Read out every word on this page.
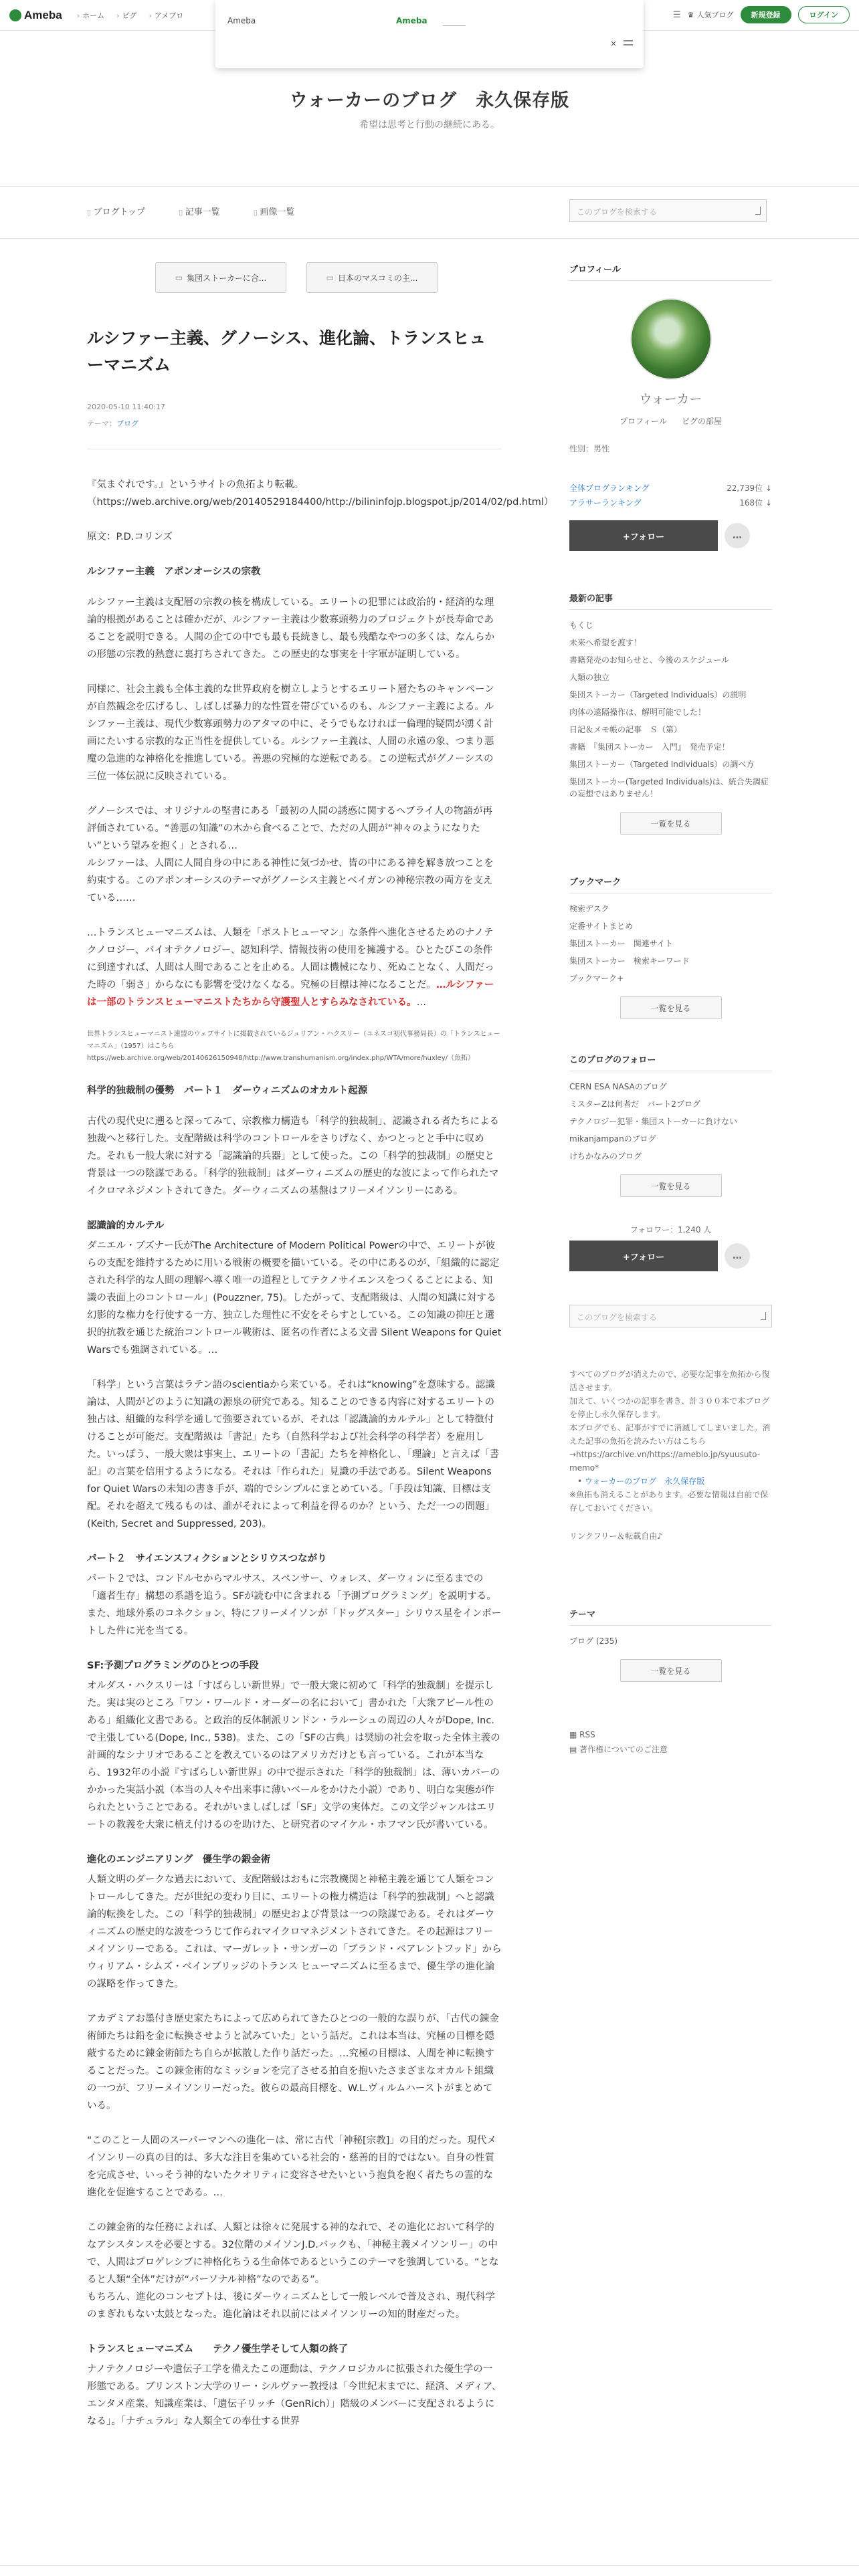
Ameba	› ホーム	› ピグ	› アメブロ	☰ ♛ 人気ブログ	新規登録	ログイン
Ameba	Ameba
×
ウォーカーのブログ　永久保存版
希望は思考と行動の継続にある。
▯ ブログトップ	▯ 記事一覧	▯ 画像一覧	このブログを検索する
▭ 集団ストーカーに合...	▭ 日本のマスコミの主...
ルシファー主義、グノーシス、進化論、トランスヒューマニズム
2020-05-10 11:40:17
テーマ：ブログ

『気まぐれです。』というサイトの魚拓より転載。（https://web.archive.org/web/20140529184400/http://bilininfojp.blogspot.jp/2014/02/pd.html）

原文：P.D.コリンズ

ルシファー主義　アポンオーシスの宗教

ルシファー主義は支配層の宗教の核を構成している。エリートの犯罪には政治的・経済的な理論的根拠があることは確かだが、ルシファー主義は少数寡頭勢力のプロジェクトが長寿命であることを説明できる。人間の企ての中でも最も長続きし、最も残酷なやつの多くは、なんらかの形態の宗教的熱意に裏打ちされてきた。この歴史的な事実を十字軍が証明している。

同様に、社会主義も全体主義的な世界政府を樹立しようとするエリート層たちのキャンペーンが自然観念を広げるし、しばしば暴力的な性質を帯びているのも、ルシファー主義による。ルシファー主義は、現代少数寡頭勢力のアタマの中に、そうでもなければ一倫理的疑問が湧く計画にたいする宗教的な正当性を提供している。ルシファー主義は、人間の永遠の象、つまり悪魔の急進的な神格化を推進している。善悪の究極的な逆転である。この逆転式がグノーシスの三位一体伝説に反映されている。

グノーシスでは、オリジナルの堅書にある「最初の人間の誘惑に関するヘブライ人の物語が再評価されている。“善悪の知識”の木から食べることで、ただの人間が“神々のようになりたい”という望みを抱く」とされる…
ルシファーは、人間に人間自身の中にある神性に気づかせ、皆の中にある神を解き放つことを約束する。このアポンオーシスのテーマがグノーシス主義とベイガンの神秘宗教の両方を支えている……

…トランスヒューマニズムは、人類を「ポストヒューマン」な条件へ進化させるためのナノテクノロジー、バイオテクノロジー、認知科学、情報技術の使用を擁護する。ひとたびこの条件に到達すれば、人間は人間であることを止める。人間は機械になり、死ぬことなく、人間だった時の「弱さ」からなにも影響を受けなくなる。究極の目標は神になることだ。…ルシファーは一部のトランスヒューマニストたちから守護聖人とすらみなされている。…

世界トランスヒューマニスト連盟のウェブサイトに掲載されているジュリアン・ハクスリー（ユネスコ初代事務局長）の「トランスヒューマニズム」（1957）はこちら
https://web.archive.org/web/20140626150948/http://www.transhumanism.org/index.php/WTA/more/huxley/（魚拓）

科学的独裁制の優勢　パート１　ダーウィニズムのオカルト起源

古代の現代史に遡ると深ってみて、宗教権力構造も「科学的独裁制」、認識される者たちによる独裁へと移行した。支配階級は科学のコントロールをさりげなく、かつとっとと手中に収めた。それも一般大衆に対する「認識論的兵器」として使った。この「科学的独裁制」の歴史と背景は一つの陰謀である。「科学的独裁制」はダーウィニズムの歴史的な波によって作られたマイクロマネジメントされてきた。ダーウィニズムの基盤はフリーメイソンリーにある。

認識論的カルテル

ダニエル・ブズナー氏がThe Architecture of Modern Political Powerの中で、エリートが彼らの支配を維持するために用いる戦術の概要を描いている。その中にあるのが、「組織的に認定された科学的な人間の理解へ導く唯一の道程としてテクノサイエンスをつくることによる、知識の表面上のコントロール」(Pouzzner, 75)。したがって、支配階級は、人間の知識に対する幻影的な権力を行使する一方、独立した理性に不安をそらすとしている。この知識の抑圧と選択的抗教を通じた統治コントロール戦術は、匿名の作者による文書 Silent Weapons for Quiet Warsでも強調されている。…

「科学」という言葉はラテン語のscientiaから来ている。それは“knowing”を意味する。認識論は、人間がどのように知識の源泉の研究である。知ることのできる内容に対するエリートの独占は、組織的な科学を通して強要されているが、それは「認識論的カルテル」として特徴付けることが可能だ。支配階級は「書記」たち（自然科学および社会科学の科学者）を雇用した。いっぽう、一般大衆は事実上、エリートの「書記」たちを神格化し、「理論」と言えば「書記」の言葉を信用するようになる。それは「作られた」見識の手法である。Silent Weapons for Quiet Warsの未知の書き手が、端的でシンプルにまとめている。「手段は知識、目標は支配。それを超えて残るものは、誰がそれによって利益を得るのか？という、ただ一つの問題」(Keith, Secret and Suppressed, 203)。

パート２　サイエンスフィクションとシリウスつながり

パート２では、コンドルセからマルサス、スペンサー、ウォレス、ダーウィンに至るまでの「適者生存」構想の系譜を追う。SFが読む中に含まれる「予測プログラミング」を説明する。また、地球外系のコネクション、特にフリーメイソンが「ドッグスター」シリウス星をインポートした件に光を当てる。

SF:予測プログラミングのひとつの手段

オルダス・ハクスリーは「すばらしい新世界」で一般大衆に初めて「科学的独裁制」を提示した。実は実のところ「ワン・ワールド・オーダーの名において」書かれた「大衆アピール性のある」組織化文書である。と政治的反体制派リンドン・ラルーシュの周辺の人々がDope, Inc.で主張している(Dope, Inc., 538)。また、この「SFの古典」は奨励の社会を取った全体主義の計画的なシナリオであることを教えているのはアメリカだけとも言っている。これが本当なら、1932年の小説『すばらしい新世界』の中で提示された「科学的独裁制」は、薄いカバーのかかった実話小説（本当の人々や出来事に薄いベールをかけた小説）であり、明白な実態が作られたということである。それがいましばしば「SF」文学の実体だ。この文学ジャンルはエリートの教義を大衆に植え付けるのを助けた、と研究者のマイケル・ホフマン氏が書いている。

進化のエンジニアリング　優生学の鍛金術

人類文明のダークな過去において、支配階級はおもに宗教機関と神秘主義を通じて人類をコントロールしてきた。だが世紀の変わり目に、エリートの権力構造は「科学的独裁制」へと認識論的転換をした。この「科学的独裁制」の歴史および背景は一つの陰謀である。それはダーウィニズムの歴史的な波をつうじて作られマイクロマネジメントされてきた。その起源はフリーメイソンリーである。これは、マーガレット・サンガーの「ブランド・ペアレントフッド」からウィリアム・シムズ・ベインブリッジのトランス ヒューマニズムに至るまで、優生学の進化論の謀略を作ってきた。

アカデミアお墨付き歴史家たちによって広められてきたひとつの一般的な誤りが、「古代の錬金術師たちは鉛を金に転換させようと試みていた」という話だ。これは本当は、究極の目標を隠蔽するために錬金術師たち自らが拡散した作り話だった。…究極の目標は、人間を神に転換することだった。この錬金術的なミッションを完了させる拍自を抱いたさまざまなオカルト組織の一つが、フリーメイソンリーだった。彼らの最高目標を、W.L.ヴィルムハーストがまとめている。

“このこと－人間のスーパーマンへの進化－は、常に古代「神秘[宗教]」の目的だった。現代メイソンリーの真の目的は、多大な注目を集めている社会的・慈善的目的ではない。自身の性質を完成させ、いっそう神的ないたクオリティに変容させたいという抱負を抱く者たちの霊的な進化を促進することである。…

この錬金術的な任務によれば、人類とは徐々に発展する神的なれで、その進化において科学的なアシスタンスを必要とする。32位階のメイソンJ.D.バックも、「神秘主義メイソンリー」の中で、人間はプロゲレシブに神格化ちうる生命体であるというこのテーマを強調している。“となると人類“全体”だけが“パーソナル神格”なのである”。
もちろん、進化のコンセプトは、後にダーウィニズムとして一般レベルで普及され、現代科学のまぎれもない太鼓となった。進化論はそれ以前にはメイソンリーの知的財産だった。

トランスヒューマニズム　　テクノ優生学そして人類の終了

ナノテクノロジーや遺伝子工学を備えたこの運動は、テクノロジカルに拡張された優生学の一形態である。ブリンストン大学のリー・シルヴァー教授は「今世紀末までに、経済、メディア、エンタメ産業、知識産業は、「遺伝子リッチ（GenRich）」階級のメンバーに支配されるようになる」。「ナチュラル」な人類全ての奉仕する世界

プロフィール
ウォーカー
プロフィール ピグの部屋
性別：男性
全体ブログランキング	22,739位 ↓
アラサーランキング	168位 ↓
+フォロー	…
最新の記事
もくじ
未来へ希望を渡す！
書籍発売のお知らせと、今後のスケジュール
人類の独立
集団ストーカー（Targeted Individuals）の説明
肉体の遠隔操作は、解明可能でした！
日記＆メモ帳の記事　Ｓ（第）
書籍　『集団ストーカー　入門』　発売予定！
集団ストーカー（Targeted Individuals）の調べ方
集団ストーカー(Targeted Individuals)は、統合失調症の妄想ではありません！
一覧を見る
ブックマーク
検索デスク
定番サイトまとめ
集団ストーカー　関連サイト
集団ストーカー　検索キーワード
ブックマーク+
一覧を見る
このブログのフォロー
CERN ESA NASAのブログ
ミスターZは何者だ　パート2ブログ
テクノロジー犯罪・集団ストーカーに負けない
mikanjampanのブログ
けちかなみのブログ
一覧を見る
フォロワー：1,240 人
+フォロー	…
このブログを検索する
すべてのブログが消えたので、必要な記事を魚拓から復活させます。
加えて、いくつかの記事を書き、計３００本で本ブログを停止し永久保存します。
本ブログでも、記事がすでに消滅してしまいました。消えた記事の魚拓を読みたい方はこちら→https://archive.vn/https://ameblo.jp/syuusuto-memo*
• ウォーカーのブログ　永久保存版
※魚拓も消えることがあります。必要な情報は自前で保存しておいてください。
リンクフリー＆転載自由♪
テーマ
ブログ (235)
一覧を見る
▦ RSS
▤ 著作権についてのご注意
